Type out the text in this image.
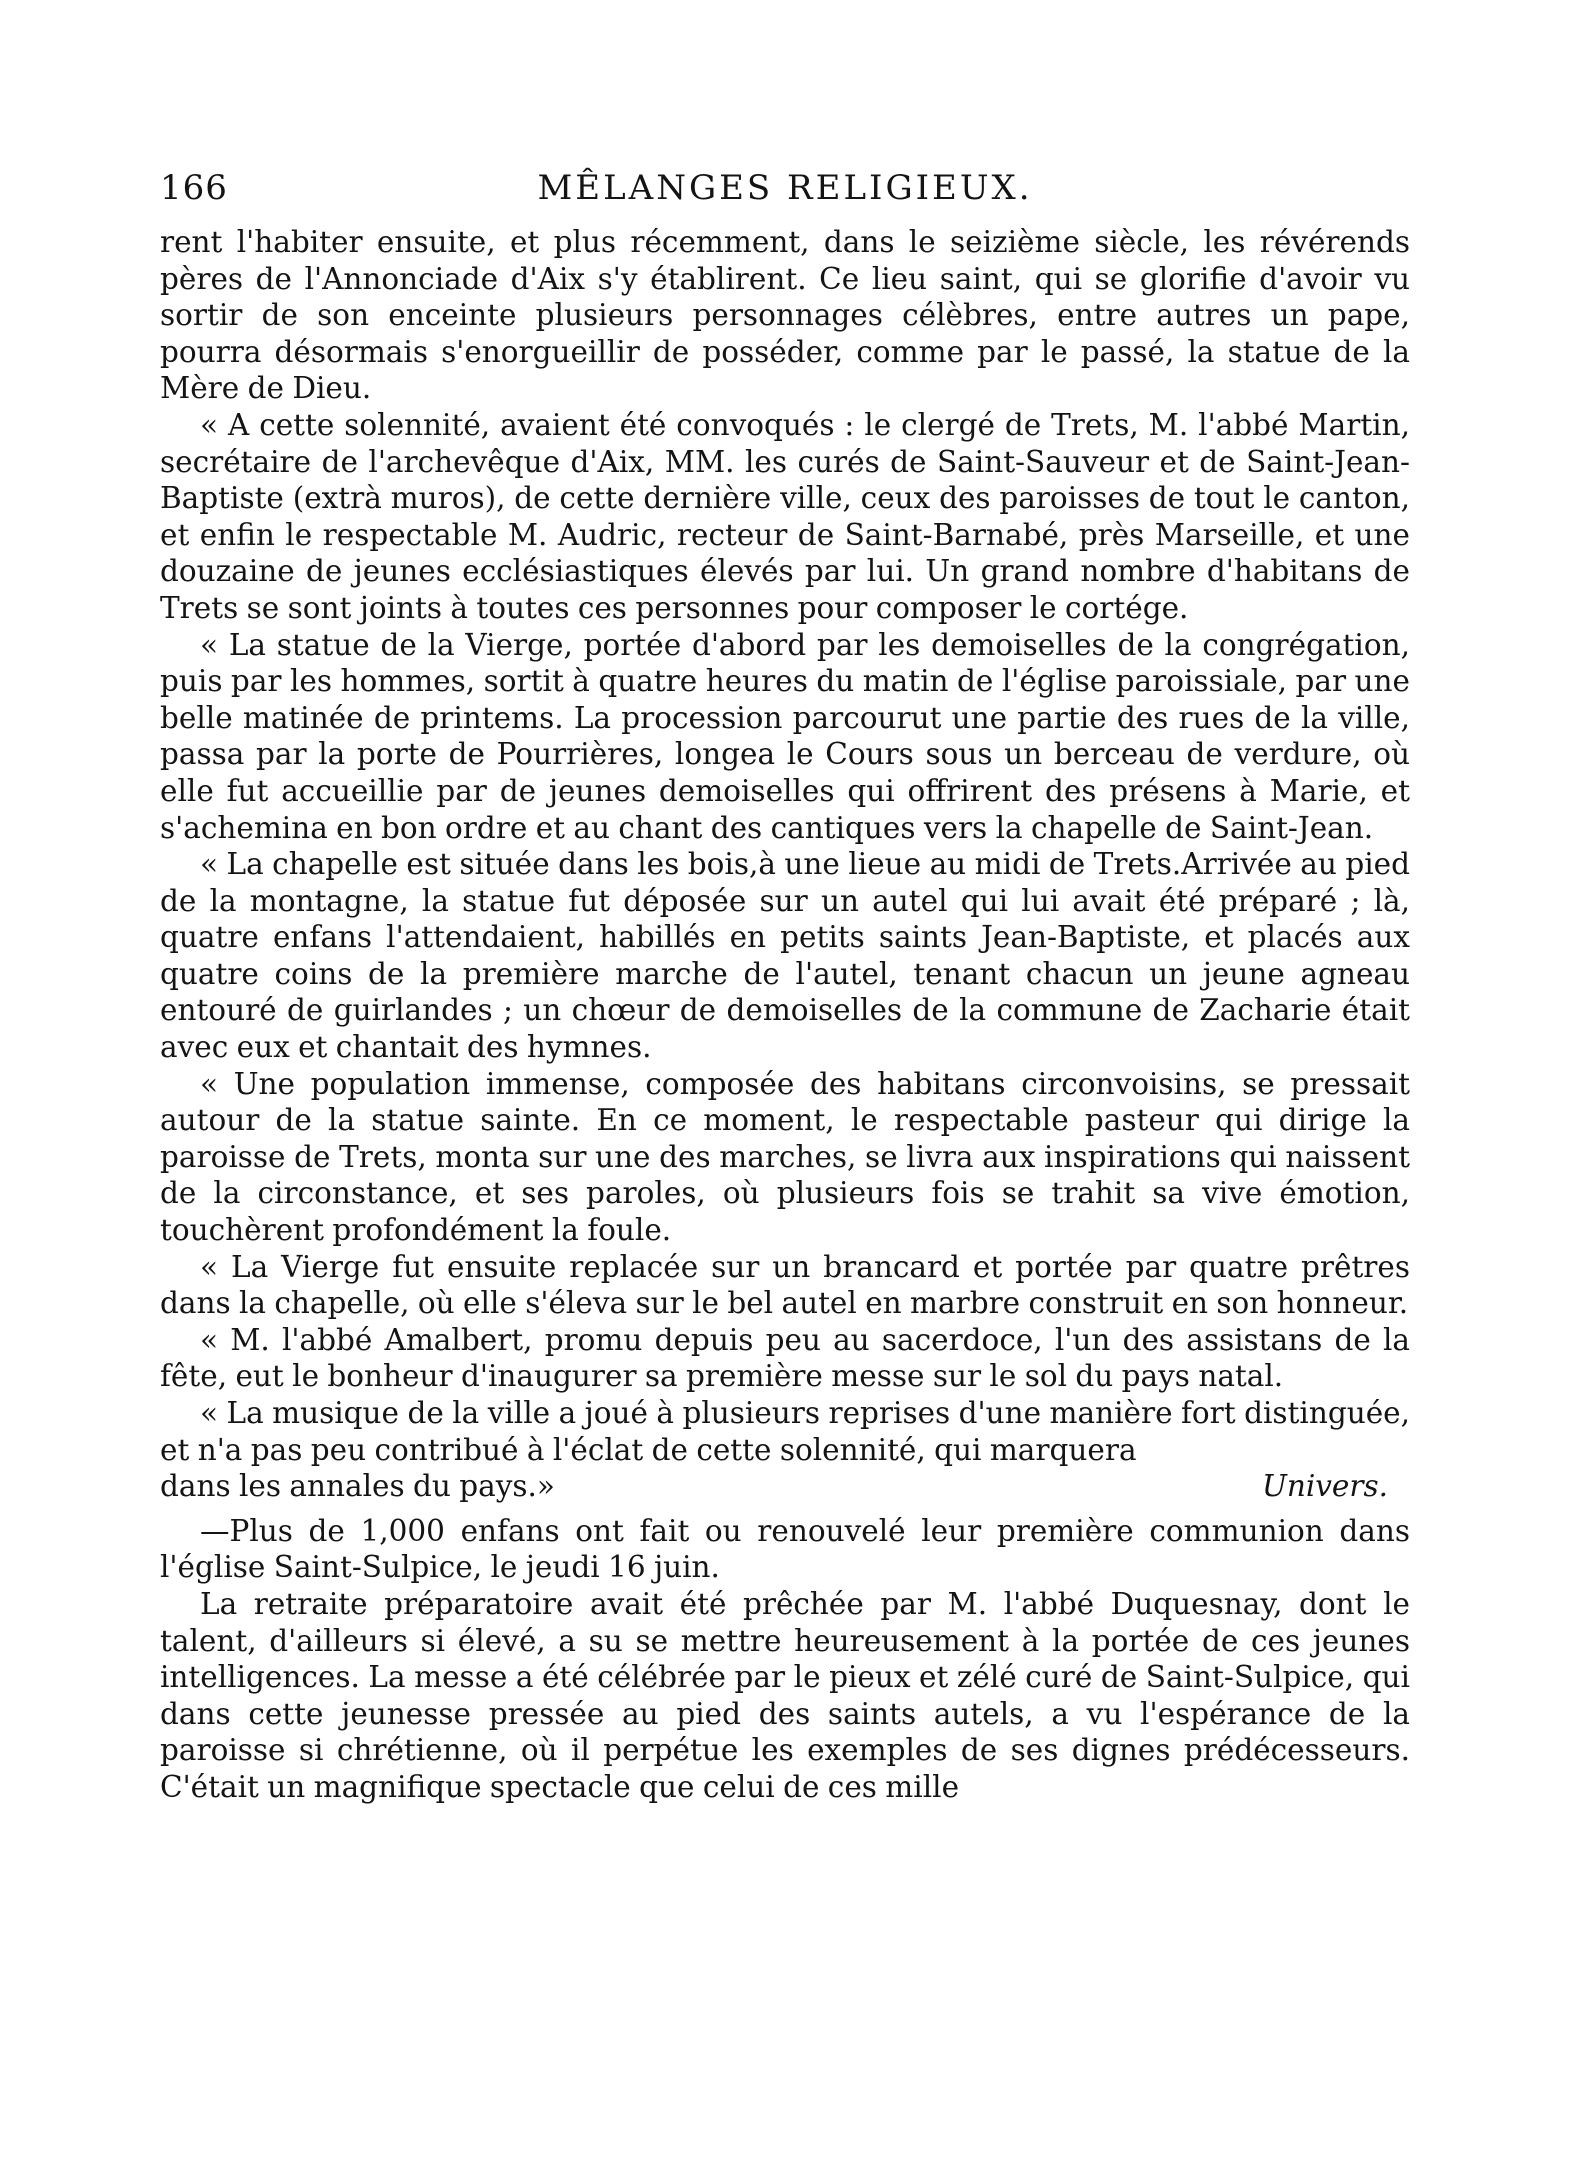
166	MÊLANGES RELIGIEUX.

rent l'habiter ensuite, et plus récemment, dans le seizième siècle, les révérends pères de l'Annonciade d'Aix s'y établirent. Ce lieu saint, qui se glorifie d'avoir vu sortir de son enceinte plusieurs personnages célèbres, entre autres un pape, pourra désormais s'enorgueillir de posséder, comme par le passé, la statue de la Mère de Dieu.

« A cette solennité, avaient été convoqués : le clergé de Trets, M. l'abbé Martin, secrétaire de l'archevêque d'Aix, MM. les curés de Saint-Sauveur et de Saint-Jean-Baptiste (extrà muros), de cette dernière ville, ceux des paroisses de tout le canton, et enfin le respectable M. Audric, recteur de Saint-Barnabé, près Marseille, et une douzaine de jeunes ecclésiastiques élevés par lui. Un grand nombre d'habitans de Trets se sont joints à toutes ces personnes pour composer le cortége.

« La statue de la Vierge, portée d'abord par les demoiselles de la congrégation, puis par les hommes, sortit à quatre heures du matin de l'église paroissiale, par une belle matinée de printems. La procession parcourut une partie des rues de la ville, passa par la porte de Pourrières, longea le Cours sous un berceau de verdure, où elle fut accueillie par de jeunes demoiselles qui offrirent des présens à Marie, et s'achemina en bon ordre et au chant des cantiques vers la chapelle de Saint-Jean.

« La chapelle est située dans les bois,à une lieue au midi de Trets.Arrivée au pied de la montagne, la statue fut déposée sur un autel qui lui avait été préparé ; là, quatre enfans l'attendaient, habillés en petits saints Jean-Baptiste, et placés aux quatre coins de la première marche de l'autel, tenant chacun un jeune agneau entouré de guirlandes ; un chœur de demoiselles de la commune de Zacharie était avec eux et chantait des hymnes.

« Une population immense, composée des habitans circonvoisins, se pressait autour de la statue sainte. En ce moment, le respectable pasteur qui dirige la paroisse de Trets, monta sur une des marches, se livra aux inspirations qui naissent de la circonstance, et ses paroles, où plusieurs fois se trahit sa vive émotion, touchèrent profondément la foule.

« La Vierge fut ensuite replacée sur un brancard et portée par quatre prêtres dans la chapelle, où elle s'éleva sur le bel autel en marbre construit en son honneur.

« M. l'abbé Amalbert, promu depuis peu au sacerdoce, l'un des assistans de la fête, eut le bonheur d'inaugurer sa première messe sur le sol du pays natal.

« La musique de la ville a joué à plusieurs reprises d'une manière fort distinguée, et n'a pas peu contribué à l'éclat de cette solennité, qui marquera

dans les annales du pays.»	Univers.

—Plus de 1,000 enfans ont fait ou renouvelé leur première communion dans l'église Saint-Sulpice, le jeudi 16 juin.

La retraite préparatoire avait été prêchée par M. l'abbé Duquesnay, dont le talent, d'ailleurs si élevé, a su se mettre heureusement à la portée de ces jeunes intelligences. La messe a été célébrée par le pieux et zélé curé de Saint-Sulpice, qui dans cette jeunesse pressée au pied des saints autels, a vu l'espérance de la paroisse si chrétienne, où il perpétue les exemples de ses dignes prédécesseurs. C'était un magnifique spectacle que celui de ces mille
